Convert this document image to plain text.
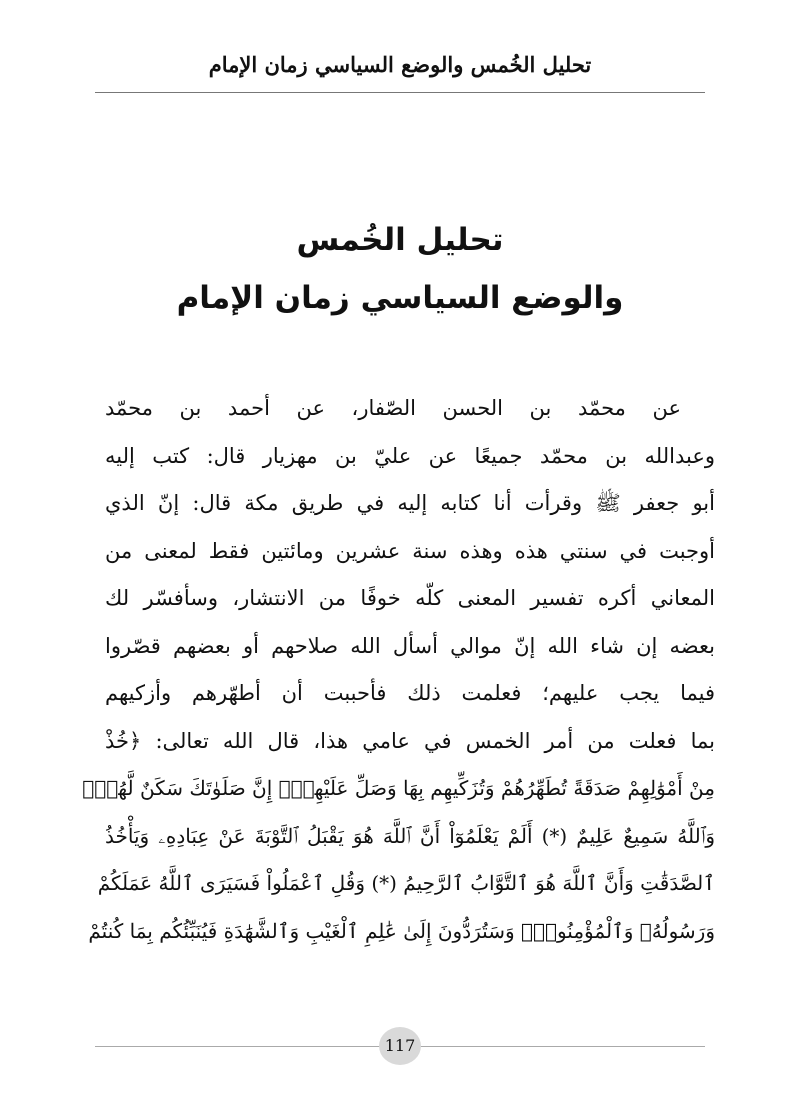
تحليل الخُمس والوضع السياسي زمان الإمام
تحليل الخُمس
والوضع السياسي زمان الإمام
عن محمّد بن الحسن الصّفار، عن أحمد بن محمّد
وعبدالله بن محمّد جميعًا عن عليّ بن مهزيار قال: كتب إليه
أبو جعفر ﷺ وقرأت أنا كتابه إليه في طريق مكة قال: إنّ الذي
أوجبت في سنتي هذه وهذه سنة عشرين ومائتين فقط لمعنى من
المعاني أكره تفسير المعنى كلّه خوفًا من الانتشار، وسأفسّر لك
بعضه إن شاء الله إنّ موالي أسأل الله صلاحهم أو بعضهم قصّروا
فيما يجب عليهم؛ فعلمت ذلك فأحببت أن أطهّرهم وأزكيهم
بما فعلت من أمر الخمس في عامي هذا، قال الله تعالى: ﴿خُذْ
مِنْ أَمْوَٰلِهِمْ صَدَقَةً تُطَهِّرُهُمْ وَتُزَكِّيهِم بِهَا وَصَلِّ عَلَيْهِمْۖ إِنَّ صَلَوٰتَكَ سَكَنٌ لَّهُمْۗ
وَٱللَّهُ سَمِيعٌ عَلِيمٌ (*) أَلَمْ يَعْلَمُوٓاْ أَنَّ ٱللَّهَ هُوَ يَقْبَلُ ٱلتَّوْبَةَ عَنْ عِبَادِهِۦ وَيَأْخُذُ
ٱلصَّدَقَٰتِ وَأَنَّ ٱللَّهَ هُوَ ٱلتَّوَّابُ ٱلرَّحِيمُ (*) وَقُلِ ٱعْمَلُواْ فَسَيَرَى ٱللَّهُ عَمَلَكُمْ
وَرَسُولُهُۥ وَٱلْمُؤْمِنُونَۖ وَسَتُرَدُّونَ إِلَىٰ عَٰلِمِ ٱلْغَيْبِ وَٱلشَّهَٰدَةِ فَيُنَبِّئُكُم بِمَا كُنتُمْ
117
